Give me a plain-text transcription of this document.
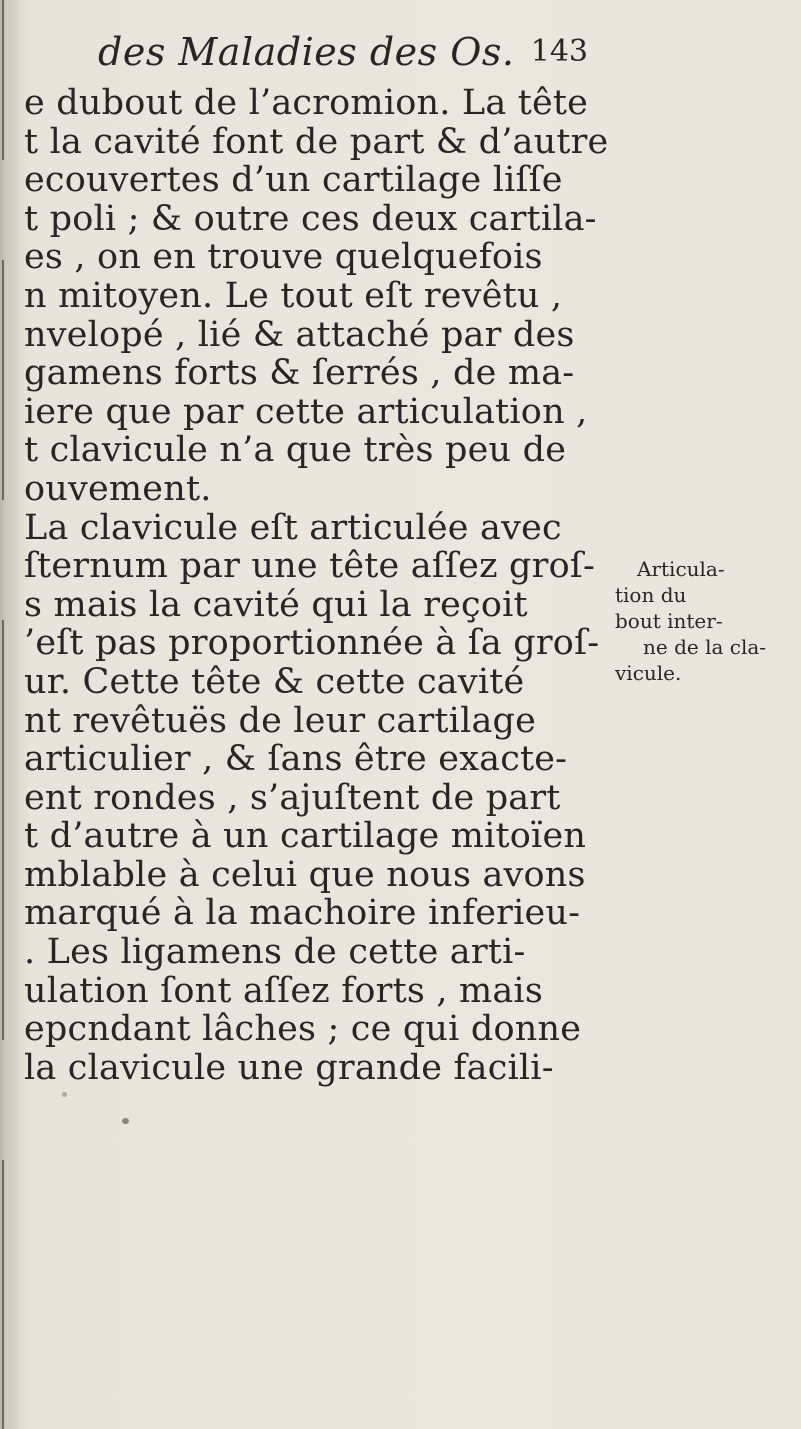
des Maladies des Os. 143
e dubout de l’acromion. La tête
t la cavité font de part & d’autre
ecouvertes d’un cartilage liſſe
t poli ; & outre ces deux cartila-
es , on en trouve quelquefois
n mitoyen. Le tout eſt revêtu ,
nvelopé , lié & attaché par des
gamens forts & ſerrés , de ma-
iere que par cette articulation ,
t clavicule n’a que très peu de
ouvement.
La clavicule eſt articulée avec
ſternum par une tête aſſez groſ-
s mais la cavité qui la reçoit
’eſt pas proportionnée à ſa groſ-
ur. Cette tête & cette cavité
nt revêtuës de leur cartilage
articulier , & ſans être exacte-
ent rondes , s’ajuſtent de part
t d’autre à un cartilage mitoïen
mblable à celui que nous avons
marqué à la machoire inferieu-
. Les ligamens de cette arti-
ulation ſont aſſez forts , mais
epcndant lâches ; ce qui donne
la clavicule une grande facili-
Articula-
tion du
bout inter-
ne de la cla-
vicule.
